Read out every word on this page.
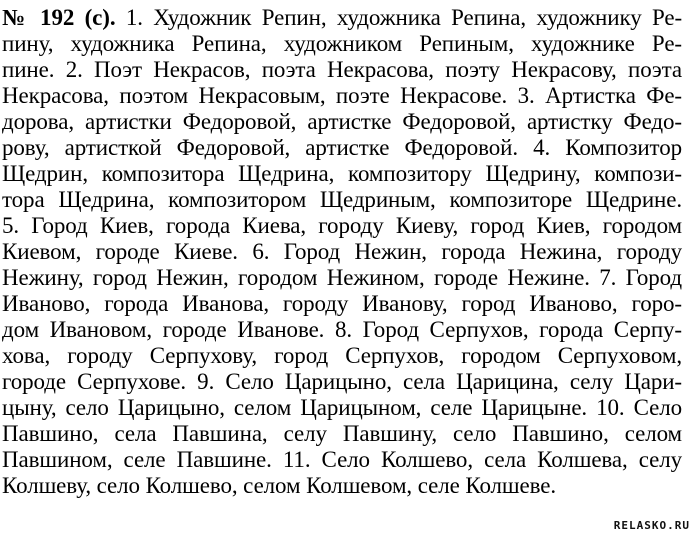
№ 192 (с). 1. Художник Репин, художника Репина, художнику Ре-
пину, художника Репина, художником Репиным, художнике Ре-
пине. 2. Поэт Некрасов, поэта Некрасова, поэту Некрасову, поэта
Некрасова, поэтом Некрасовым, поэте Некрасове. 3. Артистка Фе-
дорова, артистки Федоровой, артистке Федоровой, артистку Федо-
рову, артисткой Федоровой, артистке Федоровой. 4. Композитор
Щедрин, композитора Щедрина, композитору Щедрину, компози-
тора Щедрина, композитором Щедриным, композиторе Щедрине.
5. Город Киев, города Киева, городу Киеву, город Киев, городом
Киевом, городе Киеве. 6. Город Нежин, города Нежина, городу
Нежину, город Нежин, городом Нежином, городе Нежине. 7. Город
Иваново, города Иванова, городу Иванову, город Иваново, горо-
дом Ивановом, городе Иванове. 8. Город Серпухов, города Серпу-
хова, городу Серпухову, город Серпухов, городом Серпуховом,
городе Серпухове. 9. Село Царицыно, села Царицина, селу Цари-
цыну, село Царицыно, селом Царицыном, селе Царицыне. 10. Село
Павшино, села Павшина, селу Павшину, село Павшино, селом
Павшином, селе Павшине. 11. Село Колшево, села Колшева, селу
Колшеву, село Колшево, селом Колшевом, селе Колшеве.
RELASKO.RU
